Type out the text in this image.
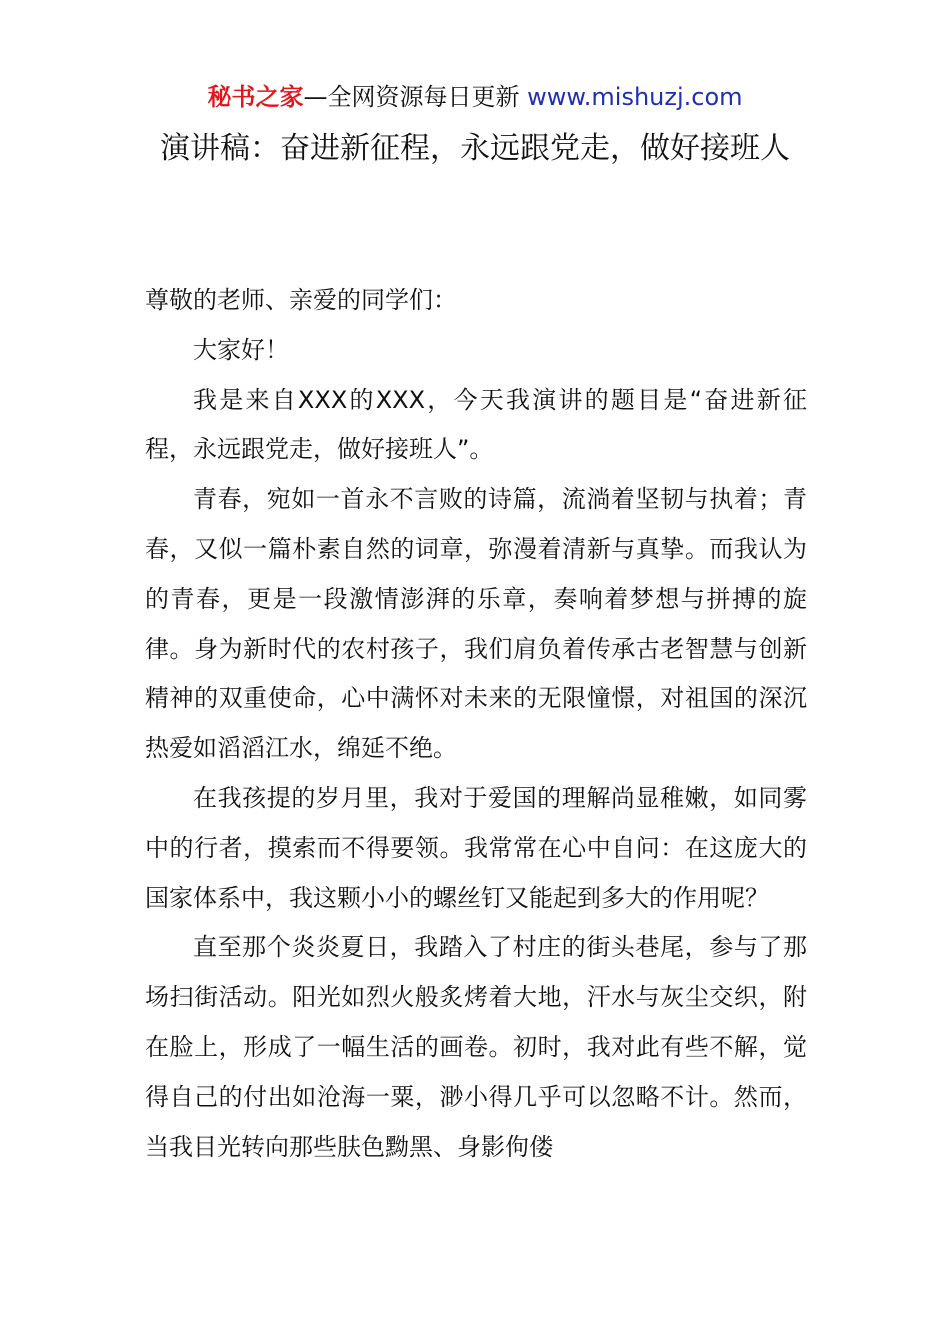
秘书之家—全网资源每日更新 www.mishuzj.com
演讲稿：奋进新征程，永远跟党走，做好接班人

尊敬的老师、亲爱的同学们：

大家好！

我是来自XXX的XXX，今天我演讲的题目是“奋进新征程，永远跟党走，做好接班人”。

青春，宛如一首永不言败的诗篇，流淌着坚韧与执着；青春，又似一篇朴素自然的词章，弥漫着清新与真挚。而我认为的青春，更是一段激情澎湃的乐章，奏响着梦想与拼搏的旋律。身为新时代的农村孩子，我们肩负着传承古老智慧与创新精神的双重使命，心中满怀对未来的无限憧憬，对祖国的深沉热爱如滔滔江水，绵延不绝。

在我孩提的岁月里，我对于爱国的理解尚显稚嫩，如同雾中的行者，摸索而不得要领。我常常在心中自问：在这庞大的国家体系中，我这颗小小的螺丝钉又能起到多大的作用呢？

直至那个炎炎夏日，我踏入了村庄的街头巷尾，参与了那场扫街活动。阳光如烈火般炙烤着大地，汗水与灰尘交织，附在脸上，形成了一幅生活的画卷。初时，我对此有些不解，觉得自己的付出如沧海一粟，渺小得几乎可以忽略不计。然而，当我目光转向那些肤色黝黑、身影佝偻
